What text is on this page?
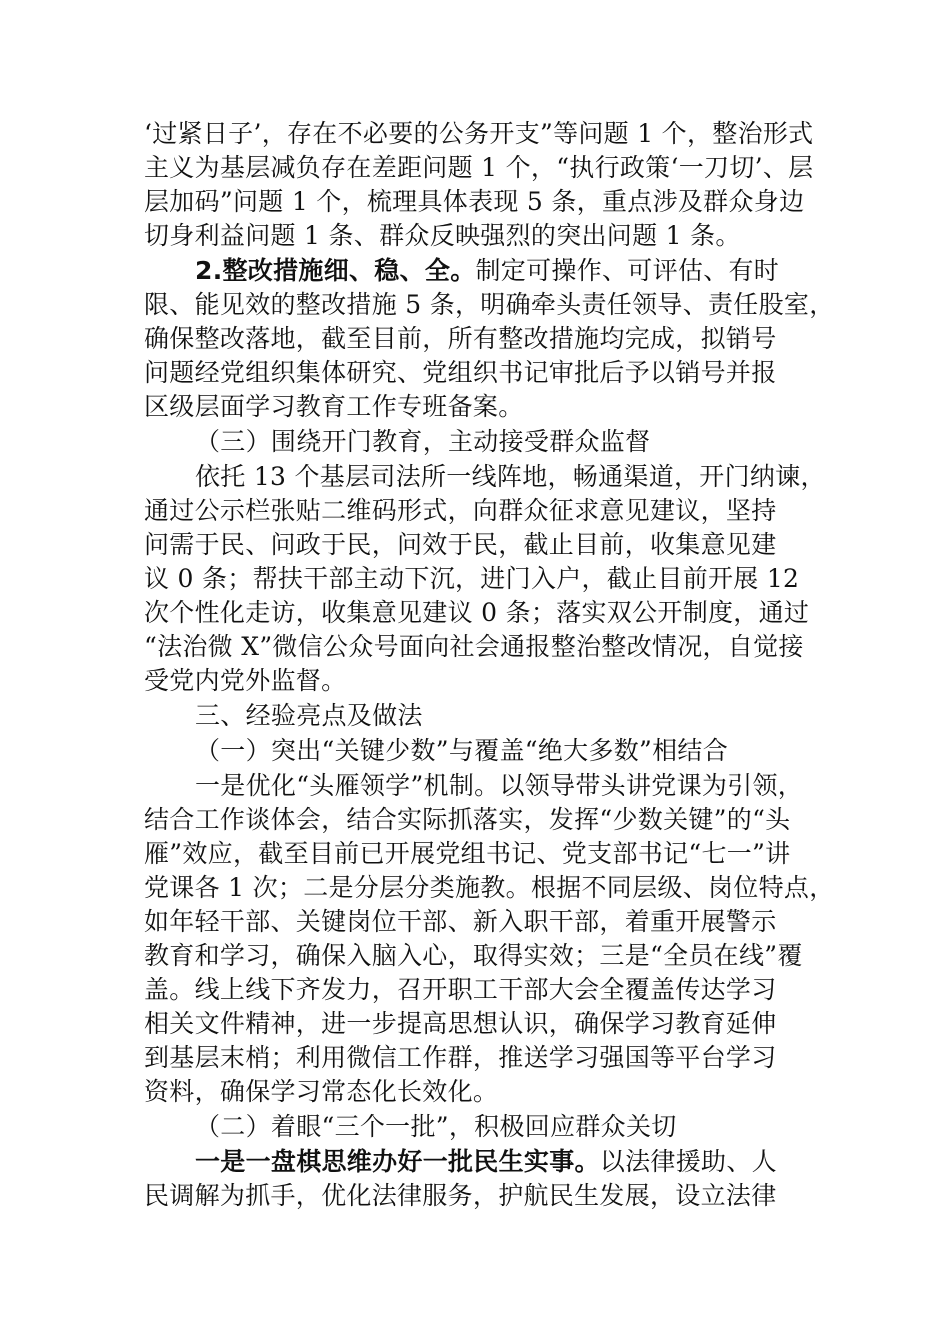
‘过紧日子’，存在不必要的公务开支”等问题 1 个，整治形式
主义为基层减负存在差距问题 1 个，“执行政策‘一刀切’、层
层加码”问题 1 个，梳理具体表现 5 条，重点涉及群众身边
切身利益问题 1 条、群众反映强烈的突出问题 1 条。
2.整改措施细、稳、全。制定可操作、可评估、有时
限、能见效的整改措施 5 条，明确牵头责任领导、责任股室，
确保整改落地，截至目前，所有整改措施均完成，拟销号
问题经党组织集体研究、党组织书记审批后予以销号并报
区级层面学习教育工作专班备案。
（三）围绕开门教育，主动接受群众监督
依托 13 个基层司法所一线阵地，畅通渠道，开门纳谏，
通过公示栏张贴二维码形式，向群众征求意见建议，坚持
问需于民、问政于民，问效于民，截止目前，收集意见建
议 0 条；帮扶干部主动下沉，进门入户，截止目前开展 12
次个性化走访，收集意见建议 0 条；落实双公开制度，通过
“法治微 X”微信公众号面向社会通报整治整改情况，自觉接
受党内党外监督。
三、经验亮点及做法
（一）突出“关键少数”与覆盖“绝大多数”相结合
一是优化“头雁领学”机制。以领导带头讲党课为引领，
结合工作谈体会，结合实际抓落实，发挥“少数关键”的“头
雁”效应，截至目前已开展党组书记、党支部书记“七一”讲
党课各 1 次；二是分层分类施教。根据不同层级、岗位特点，
如年轻干部、关键岗位干部、新入职干部，着重开展警示
教育和学习，确保入脑入心，取得实效；三是“全员在线”覆
盖。线上线下齐发力，召开职工干部大会全覆盖传达学习
相关文件精神，进一步提高思想认识，确保学习教育延伸
到基层末梢；利用微信工作群，推送学习强国等平台学习
资料，确保学习常态化长效化。
（二）着眼“三个一批”，积极回应群众关切
一是一盘棋思维办好一批民生实事。以法律援助、人
民调解为抓手，优化法律服务，护航民生发展，设立法律
